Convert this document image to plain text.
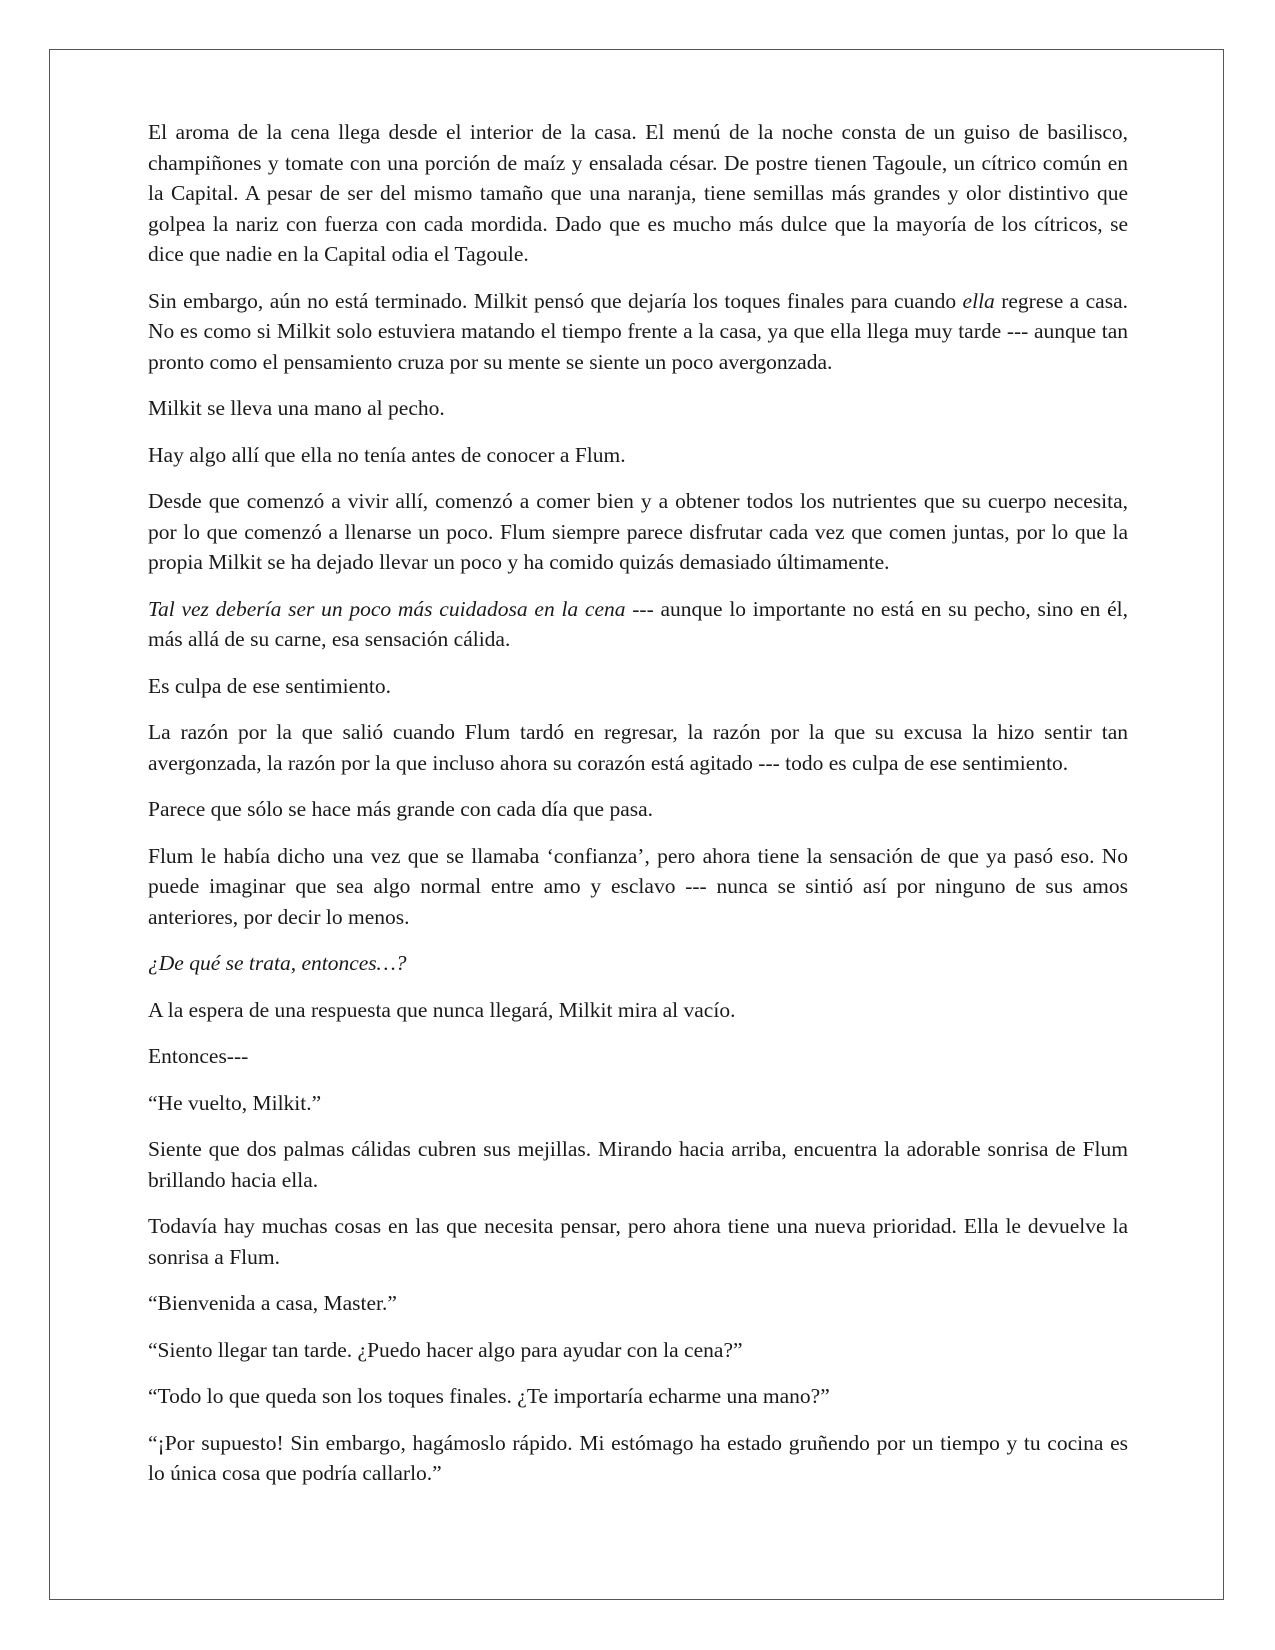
El aroma de la cena llega desde el interior de la casa. El menú de la noche consta de un guiso de basilisco, champiñones y tomate con una porción de maíz y ensalada césar. De postre tienen Tagoule, un cítrico común en la Capital. A pesar de ser del mismo tamaño que una naranja, tiene semillas más grandes y olor distintivo que golpea la nariz con fuerza con cada mordida. Dado que es mucho más dulce que la mayoría de los cítricos, se dice que nadie en la Capital odia el Tagoule.

Sin embargo, aún no está terminado. Milkit pensó que dejaría los toques finales para cuando ella regrese a casa. No es como si Milkit solo estuviera matando el tiempo frente a la casa, ya que ella llega muy tarde --- aunque tan pronto como el pensamiento cruza por su mente se siente un poco avergonzada.

Milkit se lleva una mano al pecho.

Hay algo allí que ella no tenía antes de conocer a Flum.

Desde que comenzó a vivir allí, comenzó a comer bien y a obtener todos los nutrientes que su cuerpo necesita, por lo que comenzó a llenarse un poco. Flum siempre parece disfrutar cada vez que comen juntas, por lo que la propia Milkit se ha dejado llevar un poco y ha comido quizás demasiado últimamente.

Tal vez debería ser un poco más cuidadosa en la cena --- aunque lo importante no está en su pecho, sino en él, más allá de su carne, esa sensación cálida.

Es culpa de ese sentimiento.

La razón por la que salió cuando Flum tardó en regresar, la razón por la que su excusa la hizo sentir tan avergonzada, la razón por la que incluso ahora su corazón está agitado --- todo es culpa de ese sentimiento.

Parece que sólo se hace más grande con cada día que pasa.

Flum le había dicho una vez que se llamaba ‘confianza’, pero ahora tiene la sensación de que ya pasó eso. No puede imaginar que sea algo normal entre amo y esclavo --- nunca se sintió así por ninguno de sus amos anteriores, por decir lo menos.

¿De qué se trata, entonces…?

A la espera de una respuesta que nunca llegará, Milkit mira al vacío.

Entonces---

“He vuelto, Milkit.”

Siente que dos palmas cálidas cubren sus mejillas. Mirando hacia arriba, encuentra la adorable sonrisa de Flum brillando hacia ella.

Todavía hay muchas cosas en las que necesita pensar, pero ahora tiene una nueva prioridad. Ella le devuelve la sonrisa a Flum.

“Bienvenida a casa, Master.”

“Siento llegar tan tarde. ¿Puedo hacer algo para ayudar con la cena?”

“Todo lo que queda son los toques finales. ¿Te importaría echarme una mano?”

“¡Por supuesto! Sin embargo, hagámoslo rápido. Mi estómago ha estado gruñendo por un tiempo y tu cocina es lo única cosa que podría callarlo.”
